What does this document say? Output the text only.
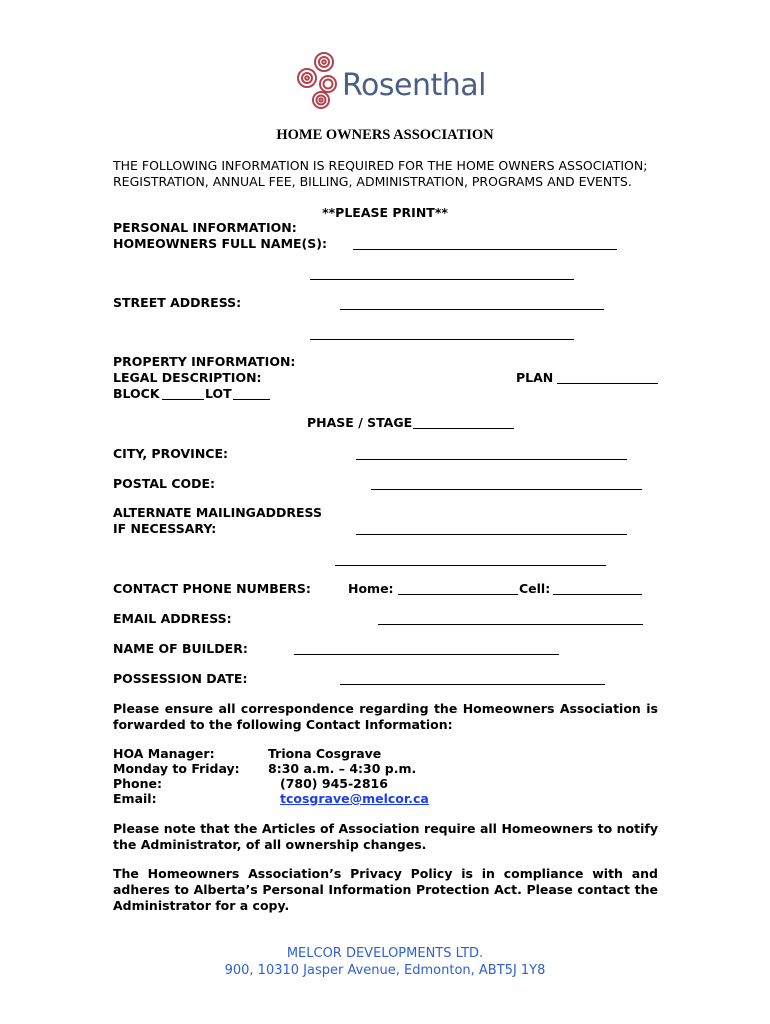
Rosenthal
HOME OWNERS ASSOCIATION
THE FOLLOWING INFORMATION IS REQUIRED FOR THE HOME OWNERS ASSOCIATION;
REGISTRATION, ANNUAL FEE, BILLING, ADMINISTRATION, PROGRAMS AND EVENTS.
**PLEASE PRINT**
PERSONAL INFORMATION:
HOMEOWNERS FULL NAME(S):
STREET ADDRESS:
PROPERTY INFORMATION:
LEGAL DESCRIPTION:	PLAN
BLOCK	LOT
PHASE / STAGE
CITY, PROVINCE:
POSTAL CODE:
ALTERNATE MAILINGADDRESS
IF NECESSARY:
CONTACT PHONE NUMBERS:	Home:	Cell:
EMAIL ADDRESS:
NAME OF BUILDER:
POSSESSION DATE:
Please ensure all correspondence regarding the Homeowners Association is forwarded to the following Contact Information:
HOA Manager:	Triona Cosgrave
Monday to Friday: 8:30 a.m. – 4:30 p.m.
Phone:	(780) 945-2816
Email:	tcosgrave@melcor.ca
Please note that the Articles of Association require all Homeowners to notify the Administrator, of all ownership changes.
The Homeowners Association’s Privacy Policy is in compliance with and adheres to Alberta’s Personal Information Protection Act. Please contact the Administrator for a copy.
MELCOR DEVELOPMENTS LTD.
900, 10310 Jasper Avenue, Edmonton, ABT5J 1Y8
